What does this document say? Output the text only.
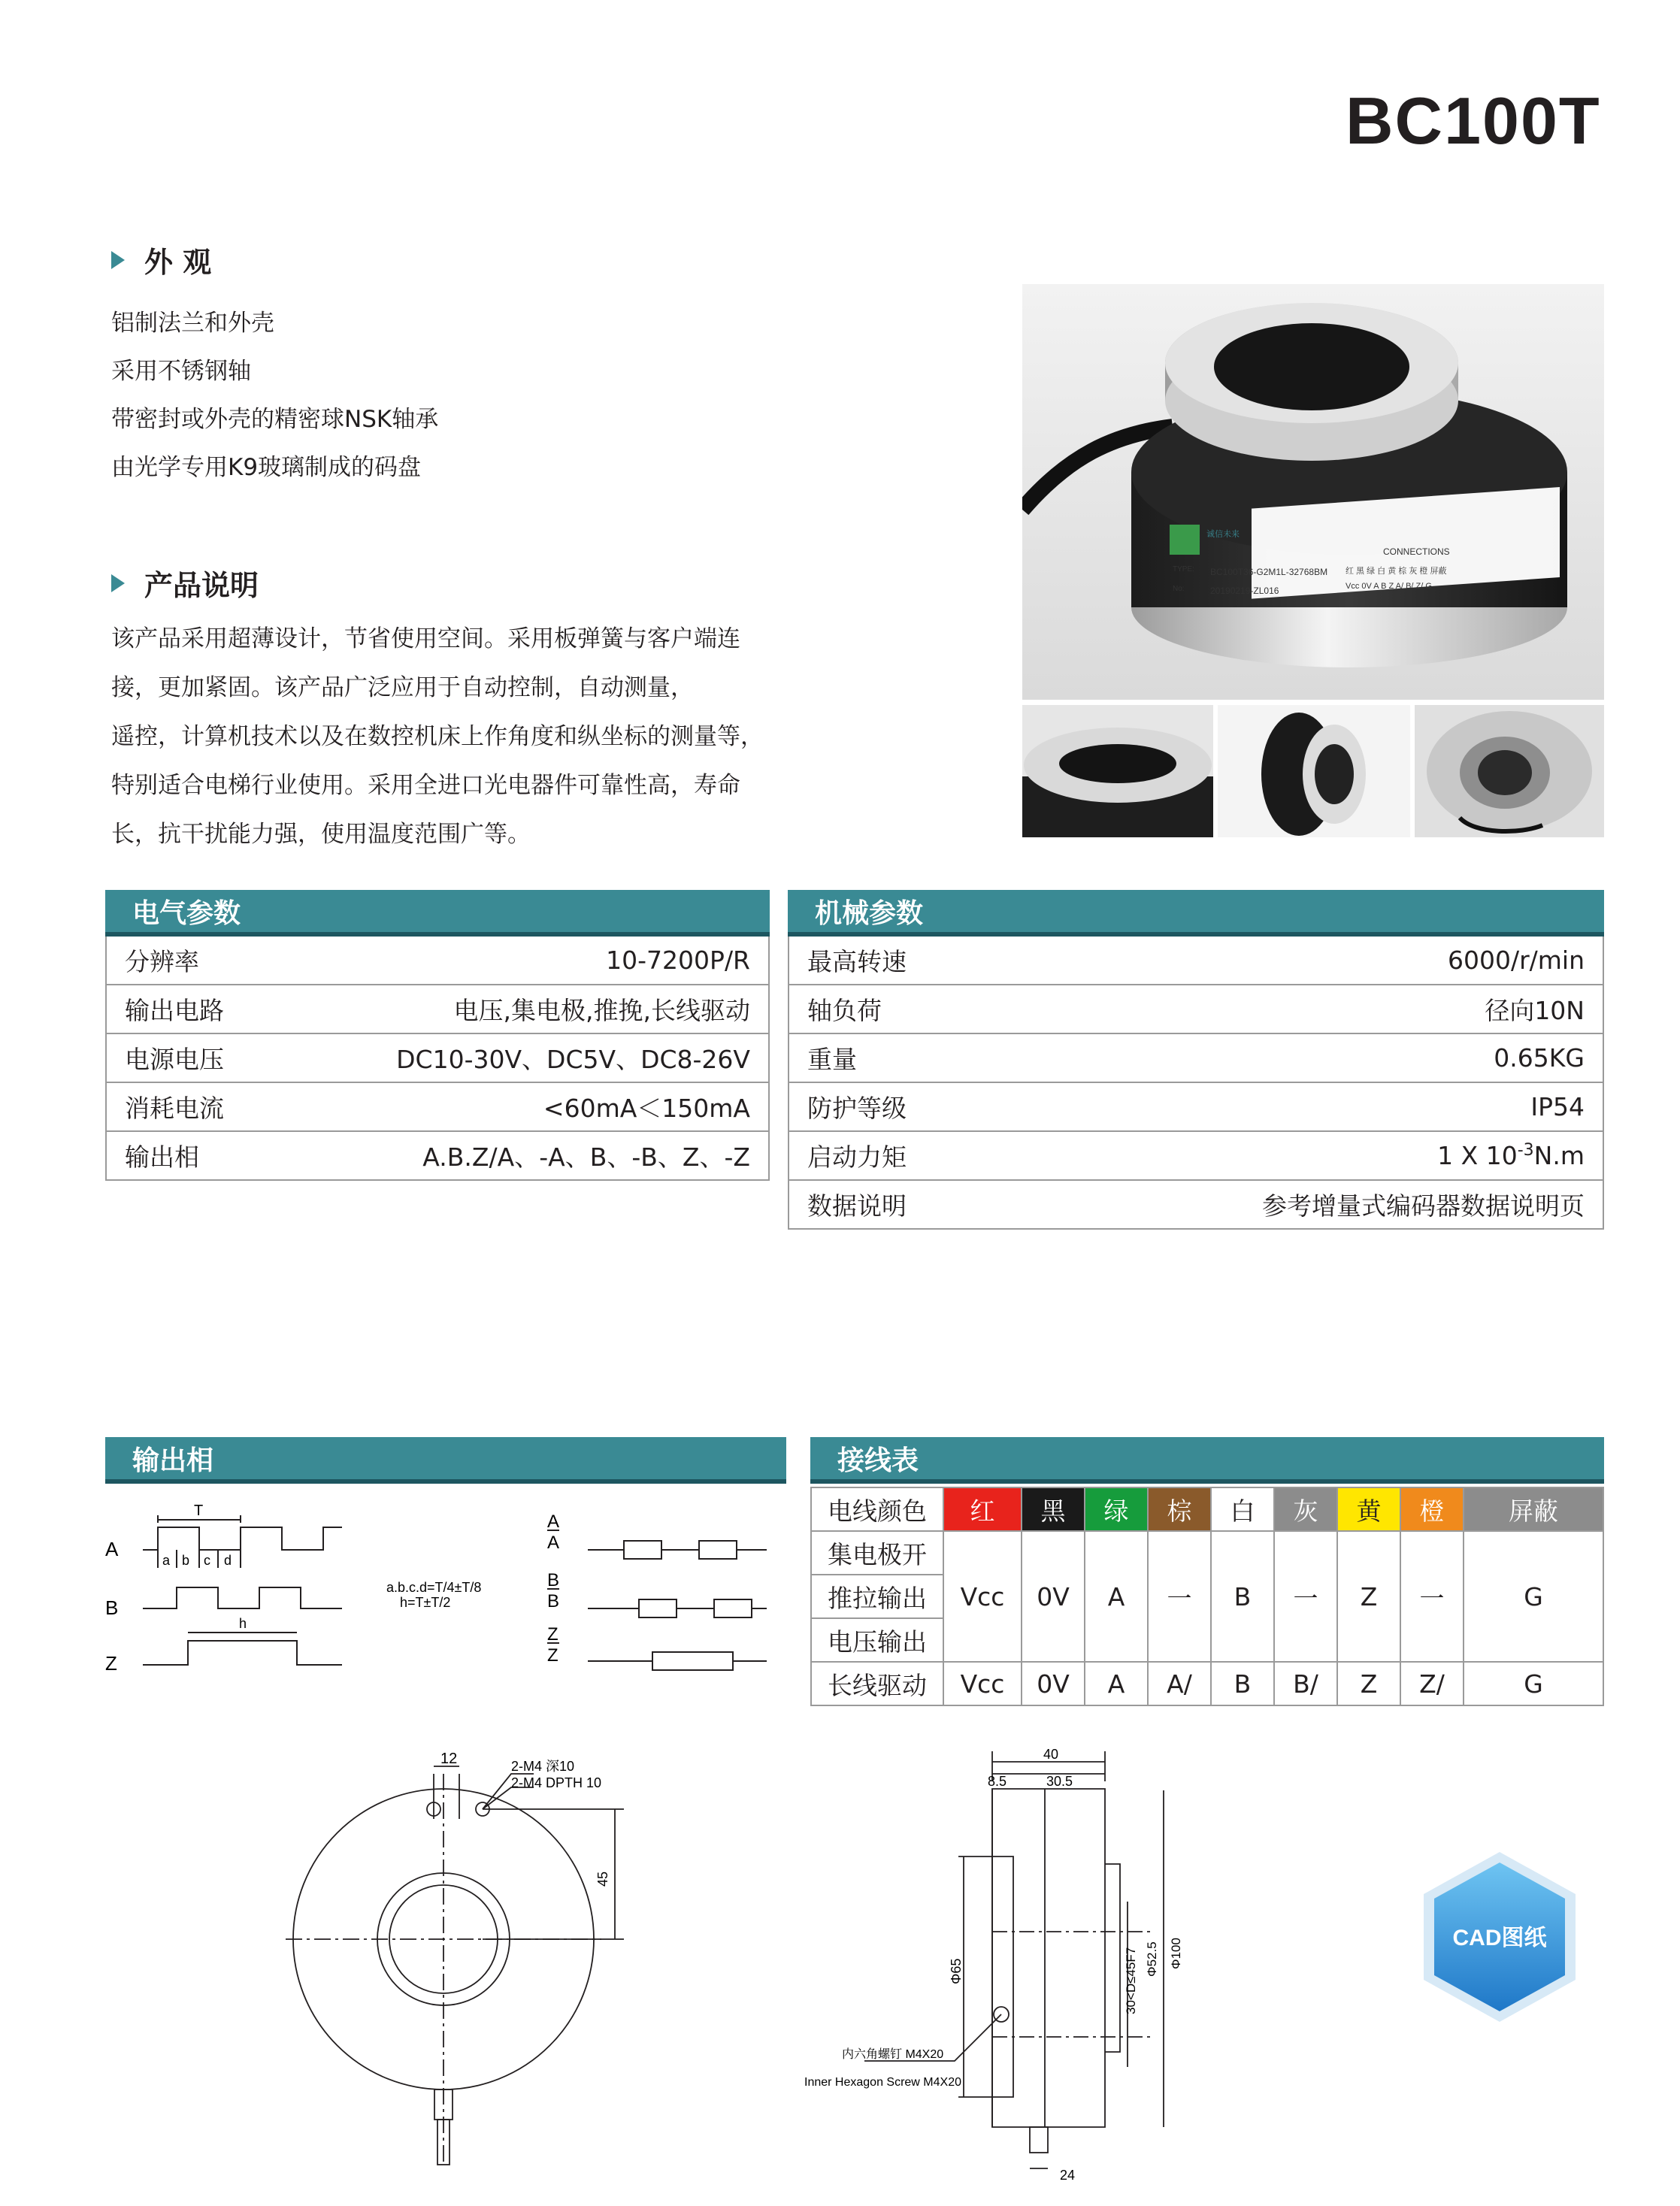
BC100T
外 观
铝制法兰和外壳
采用不锈钢轴
带密封或外壳的精密球NSK轴承
由光学专用K9玻璃制成的码盘
产品说明
该产品采用超薄设计，节省使用空间。采用板弹簧与客户端连
接，更加紧固。该产品广泛应用于自动控制，自动测量，
遥控，计算机技术以及在数控机床上作角度和纵坐标的测量等，
特别适合电梯行业使用。采用全进口光电器件可靠性高，寿命
长，抗干扰能力强，使用温度范围广等。
诚信未来
TYPE: BC100T36-G2M1L-32768BM
No:	20190219-ZL016
CONNECTIONS
红 黑 绿 白 黄 棕 灰 橙 屏蔽
Vcc 0V A B Z A/ B/ Z/ G
电气参数
分辨率	10-7200P/R
输出电路	电压,集电极,推挽,长线驱动
电源电压	DC10-30V、DC5V、DC8-26V
消耗电流	<60mA＜150mA
输出相	A.B.Z/A、-A、B、-B、Z、-Z
机械参数
最高转速	6000/r/min
轴负荷	径向10N
重量	0.65KG
防护等级	IP54
启动力矩	1 X $10^{-3}N.m$
数据说明	参考增量式编码器数据说明页
输出相
A
B
Z
T
a b c d
h
a.b.c.d=T/4±T/8
h=T±T/2
A
A
B
B
Z
Z
接线表
电线颜色	红	黑	绿	棕	白	灰	黄	橙	屏蔽
集电极开	Vcc	0V	A	一	B	一	Z	一	G
推拉输出									
电压输出									
长线驱动	Vcc	0V	A	A/	B	B/	Z	Z/	G
12	2-M4 深10
2-M4 DPTH 10
45
40
8.5	30.5
Φ65	30<D≤45F7 Φ52.5 Φ100
内六角螺钉 M4X20
Inner Hexagon Screw M4X20
24
CAD图纸
